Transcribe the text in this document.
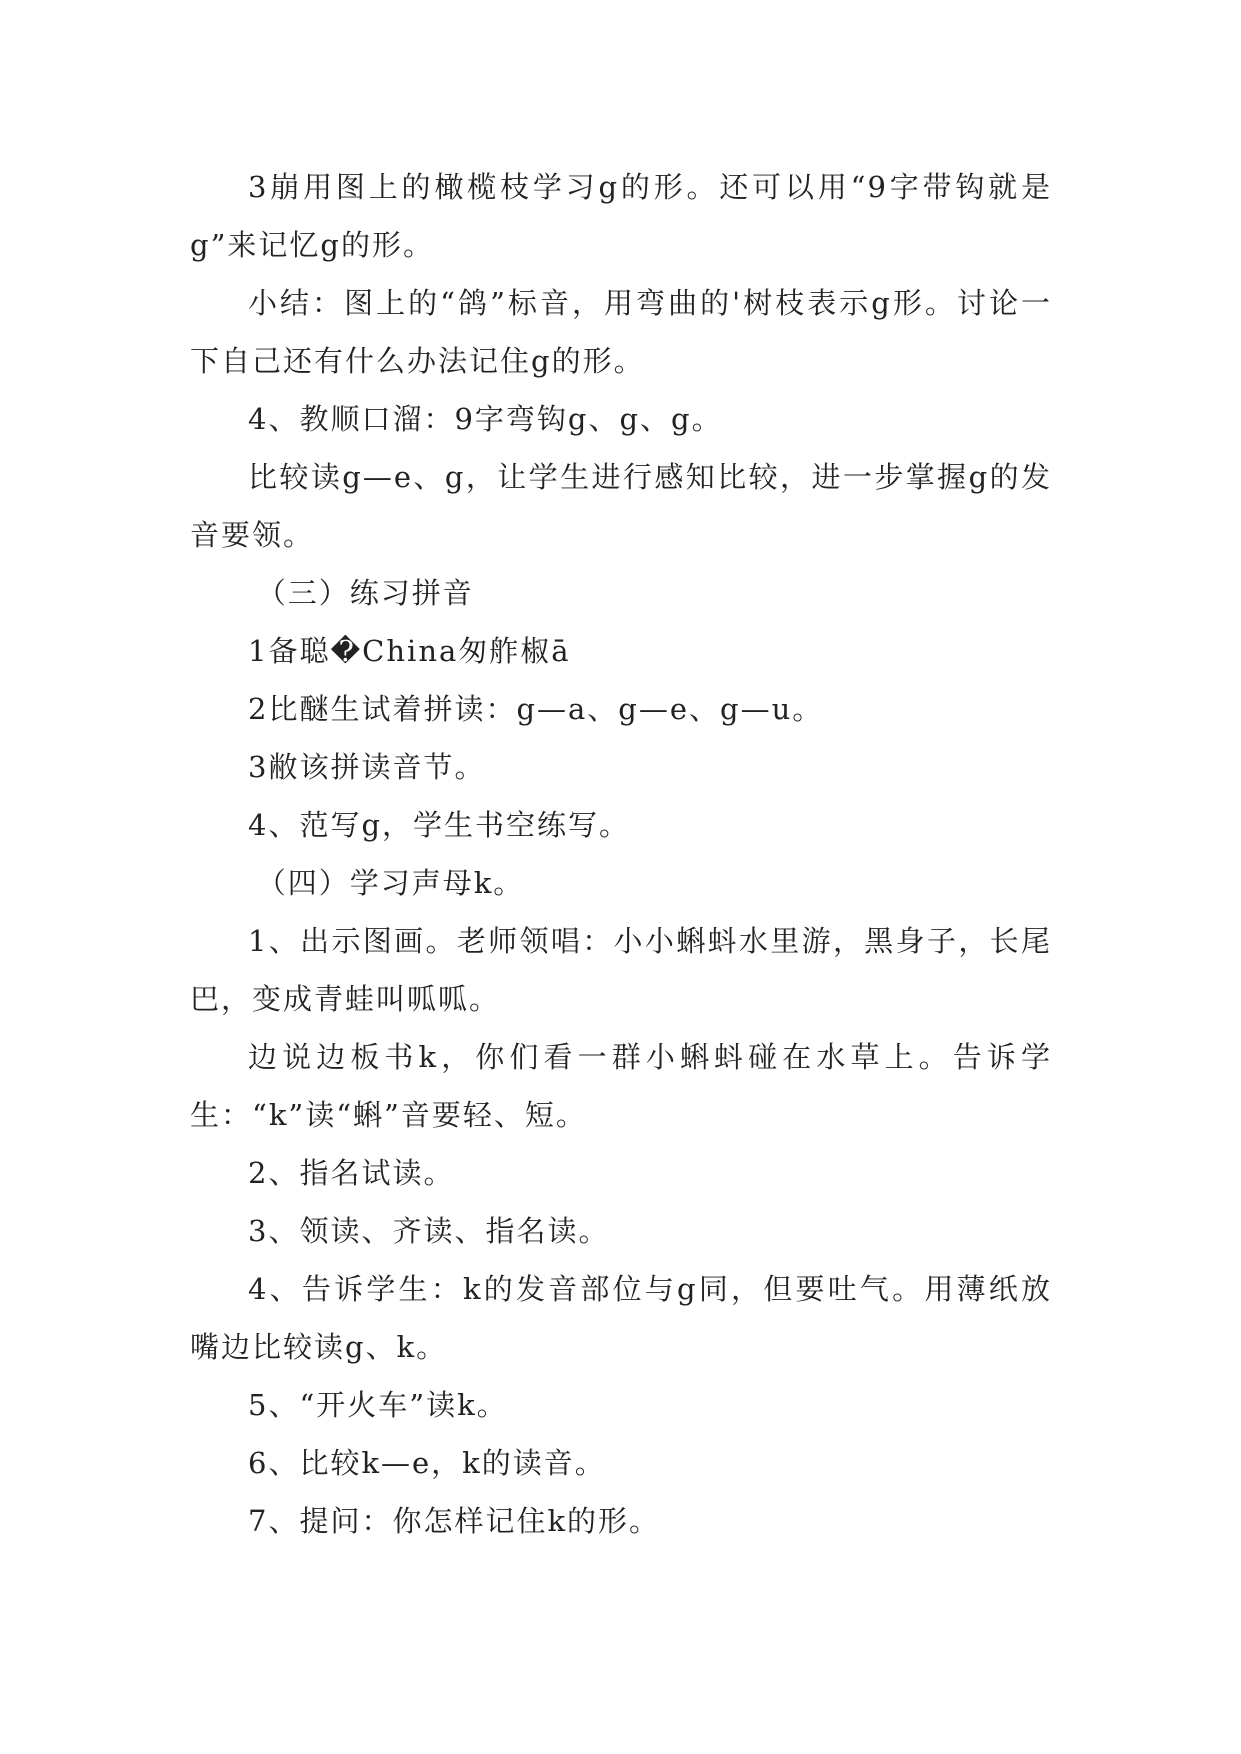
3崩用图上的橄榄枝学习g的形。还可以用“9字带钩就是g”来记忆g的形。

小结：图上的“鸽”标音，用弯曲的'树枝表示g形。讨论一下自己还有什么办法记住g的形。

4、教顺口溜：9字弯钩g、g、g。

比较读g—e、g，让学生进行感知比较，进一步掌握g的发音要领。

（三）练习拼音

1备聪�China匆舴椒ā

2比醚生试着拼读：g—a、g—e、g—u。

3敝该拼读音节。

4、范写g，学生书空练写。

（四）学习声母k。

1、出示图画。老师领唱：小小蝌蚪水里游，黑身子，长尾巴，变成青蛙叫呱呱。

边说边板书k，你们看一群小蝌蚪碰在水草上。告诉学生：“k”读“蝌”音要轻、短。

2、指名试读。

3、领读、齐读、指名读。

4、告诉学生：k的发音部位与g同，但要吐气。用薄纸放嘴边比较读g、k。

5、“开火车”读k。

6、比较k—e，k的读音。

7、提问：你怎样记住k的形。
